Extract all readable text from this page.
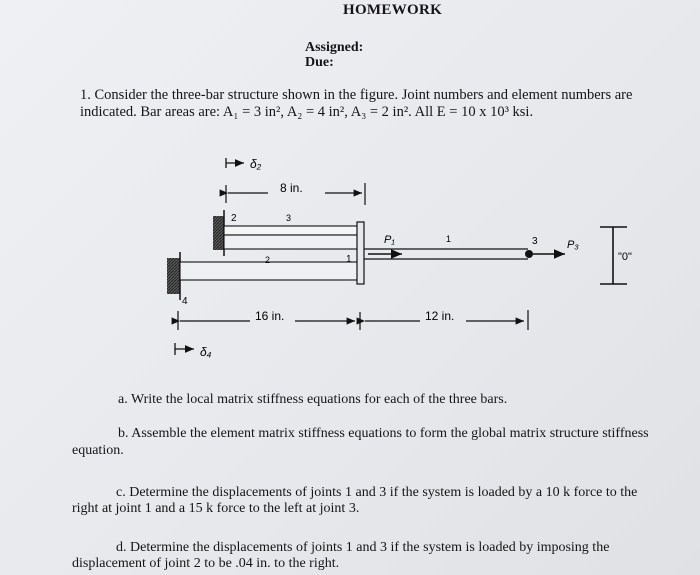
HOMEWORK
Assigned:
Due:
1. Consider the three-bar structure shown in the figure. Joint numbers and element numbers are
indicated. Bar areas are: A₁ = 3 in², A₂ = 4 in², A₃ = 2 in². All E = 10 x 10³ ksi.
δ₂
8 in.
P₁	P₃
"0"
2	3
2	1
1	3
4
16 in.	12 in.
δ₄
a. Write the local matrix stiffness equations for each of the three bars.
b. Assemble the element matrix stiffness equations to form the global matrix structure stiffness
equation.
c. Determine the displacements of joints 1 and 3 if the system is loaded by a 10 k force to the
right at joint 1 and a 15 k force to the left at joint 3.
d. Determine the displacements of joints 1 and 3 if the system is loaded by imposing the
displacement of joint 2 to be .04 in. to the right.
